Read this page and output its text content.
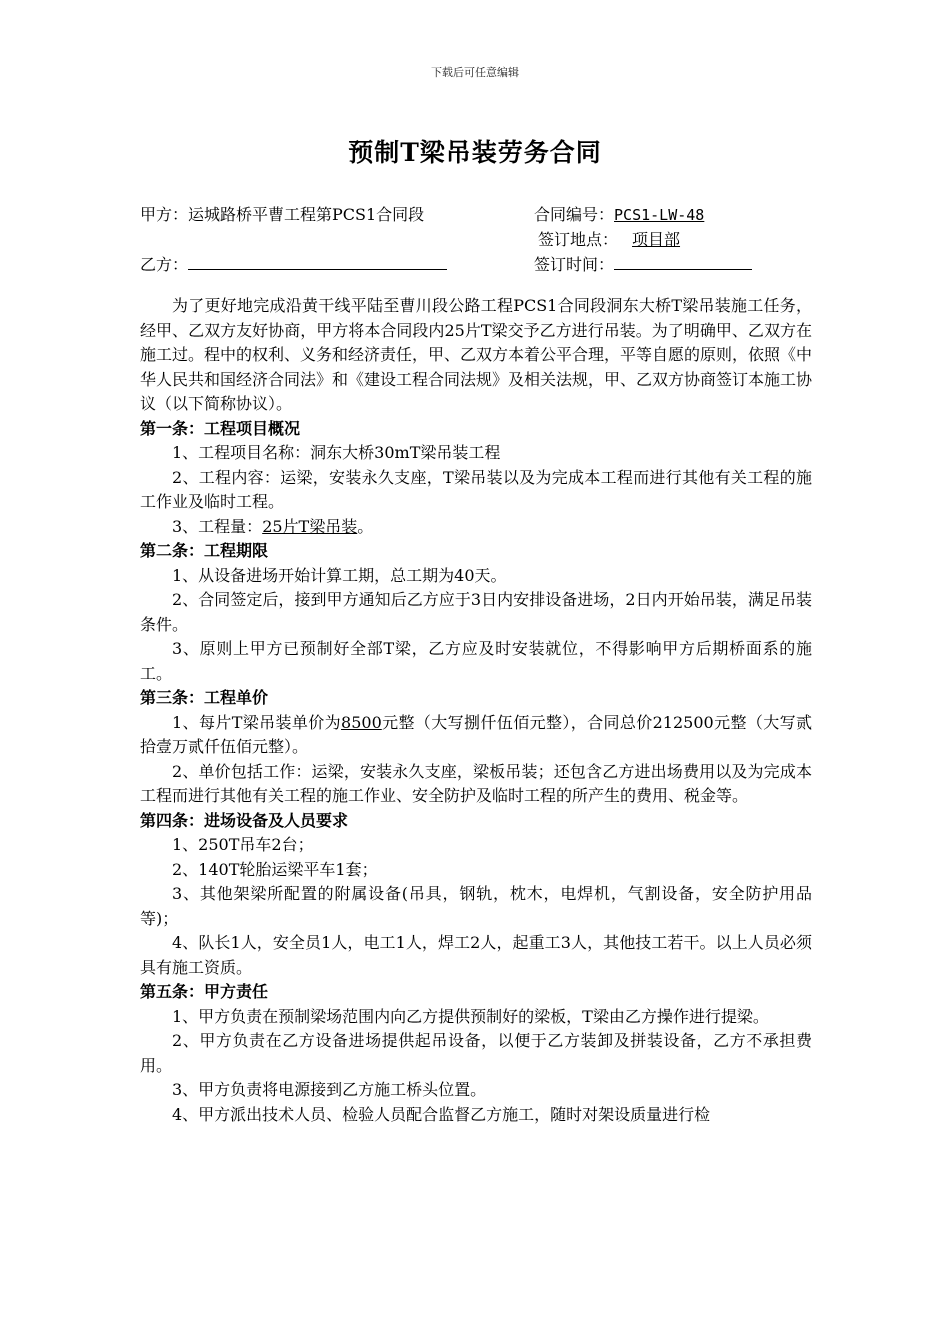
下载后可任意编辑
预制T梁吊装劳务合同
甲方：运城路桥平曹工程第PCS1合同段	合同编号：PCS1-LW-48
签订地点： 项目部
乙方：	签订时间：

为了更好地完成沿黄干线平陆至曹川段公路工程PCS1合同段洞东大桥T梁吊装施工任务，经甲、乙双方友好协商，甲方将本合同段内25片T梁交予乙方进行吊装。为了明确甲、乙双方在施工过。程中的权利、义务和经济责任，甲、乙双方本着公平合理，平等自愿的原则，依照《中华人民共和国经济合同法》和《建设工程合同法规》及相关法规，甲、乙双方协商签订本施工协议（以下简称协议）。

第一条：工程项目概况

1、工程项目名称：洞东大桥30mT梁吊装工程

2、工程内容：运梁，安装永久支座，T梁吊装以及为完成本工程而进行其他有关工程的施工作业及临时工程。

3、工程量：25片T梁吊装。

第二条：工程期限

1、从设备进场开始计算工期，总工期为40天。

2、合同签定后，接到甲方通知后乙方应于3日内安排设备进场，2日内开始吊装，满足吊装条件。

3、原则上甲方已预制好全部T梁，乙方应及时安装就位，不得影响甲方后期桥面系的施工。

第三条：工程单价

1、每片T梁吊装单价为8500元整（大写捌仟伍佰元整），合同总价212500元整（大写贰拾壹万贰仟伍佰元整）。

2、单价包括工作：运梁，安装永久支座，梁板吊装；还包含乙方进出场费用以及为完成本工程而进行其他有关工程的施工作业、安全防护及临时工程的所产生的费用、税金等。

第四条：进场设备及人员要求

1、250T吊车2台；

2、140T轮胎运梁平车1套；

3、其他架梁所配置的附属设备(吊具，钢轨，枕木，电焊机，气割设备，安全防护用品等)；

4、队长1人，安全员1人，电工1人，焊工2人，起重工3人，其他技工若干。以上人员必须具有施工资质。

第五条：甲方责任

1、甲方负责在预制梁场范围内向乙方提供预制好的梁板，T梁由乙方操作进行提梁。

2、甲方负责在乙方设备进场提供起吊设备，以便于乙方装卸及拼装设备，乙方不承担费用。

3、甲方负责将电源接到乙方施工桥头位置。

4、甲方派出技术人员、检验人员配合监督乙方施工，随时对架设质量进行检
